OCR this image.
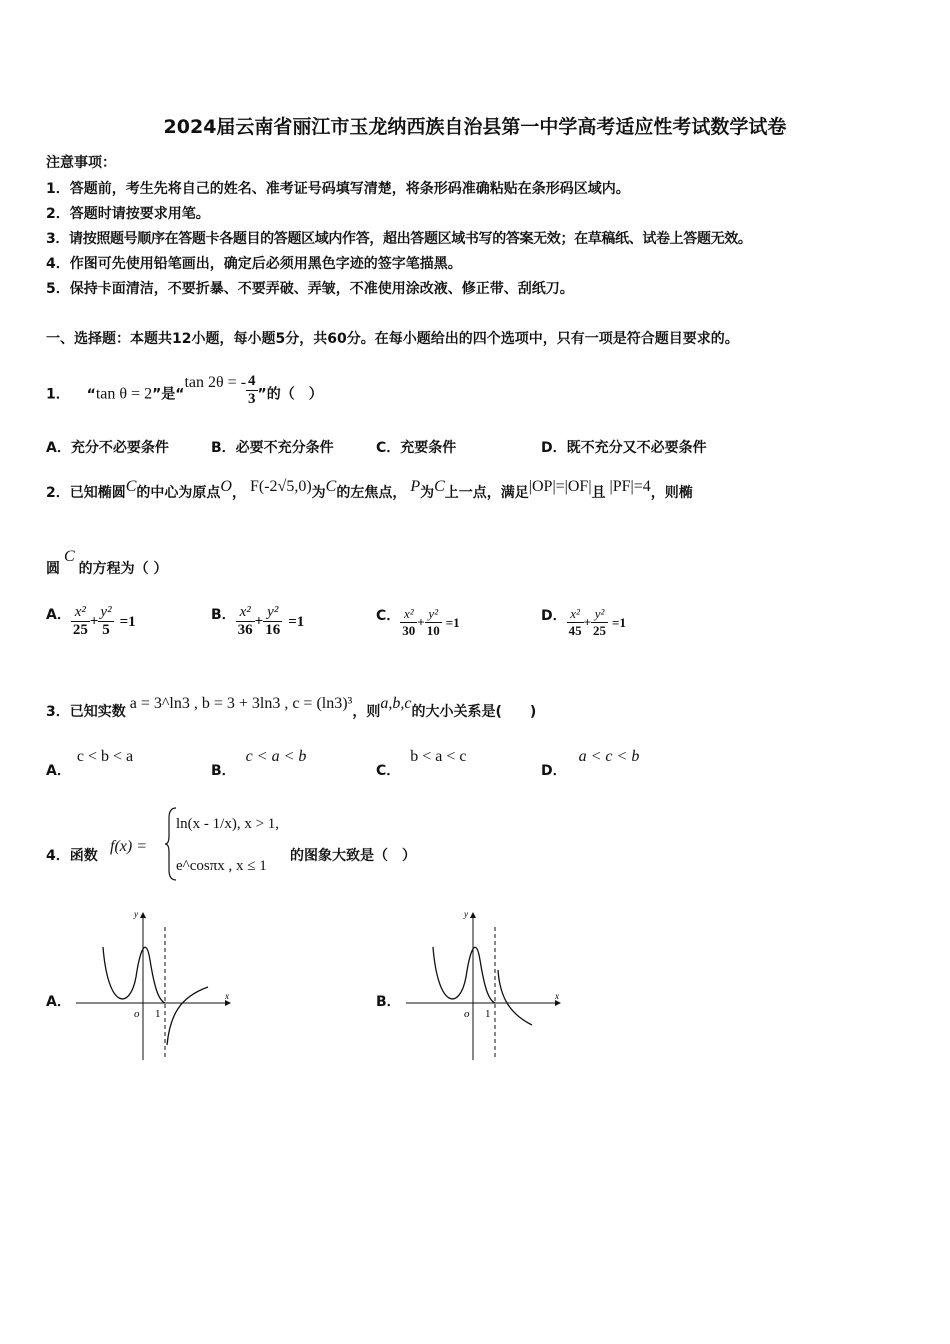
2024届云南省丽江市玉龙纳西族自治县第一中学高考适应性考试数学试卷
注意事项：
1．答题前，考生先将自己的姓名、准考证号码填写清楚，将条形码准确粘贴在条形码区域内。
2．答题时请按要求用笔。
3．请按照题号顺序在答题卡各题目的答题区域内作答，超出答题区域书写的答案无效；在草稿纸、试卷上答题无效。
4．作图可先使用铅笔画出，确定后必须用黑色字迹的签字笔描黑。
5．保持卡面清洁，不要折暴、不要弄破、弄皱，不准使用涂改液、修正带、刮纸刀。
一、选择题：本题共12小题，每小题5分，共60分。在每小题给出的四个选项中，只有一项是符合题目要求的。
1． “tan θ = 2”是“tan 2θ = - $\frac{4}{3}$ ”的（　）
A．充分不必要条件	B．必要不充分条件	C．充要条件	D．既不充分又不必要条件
2．已知椭圆C的中心为原点O， F(-2√5,0)为C的左焦点， P为C上一点，满足|OP|=|OF|且 |PF|=4，则椭
圆C的方程为（ ）
A． $\frac{\text{x²}}{25} + \frac{\text{y²}}{5} =1$	B． $\frac{\text{x²}}{36} + \frac{\text{y²}}{16} =1$	C． $\frac{\text{x²}}{30} + \frac{\text{y²}}{10} =1$	D． $\frac{\text{x²}}{45} + \frac{\text{y²}}{25} =1$
3．已知实数 a = 3^ln3 , b = 3 + 3ln3 , c = (ln3)³，则a,b,c的大小关系是(　　)
A．c < b < a
B．c < a < b
C．b < a < c
D．a < c < b
4．函数
f(x) =
ln(x - 1/x), x > 1,
e^cosπx , x ≤ 1
的图象大致是（　）
A．
o 1
x
y
B．
o 1
x
y
